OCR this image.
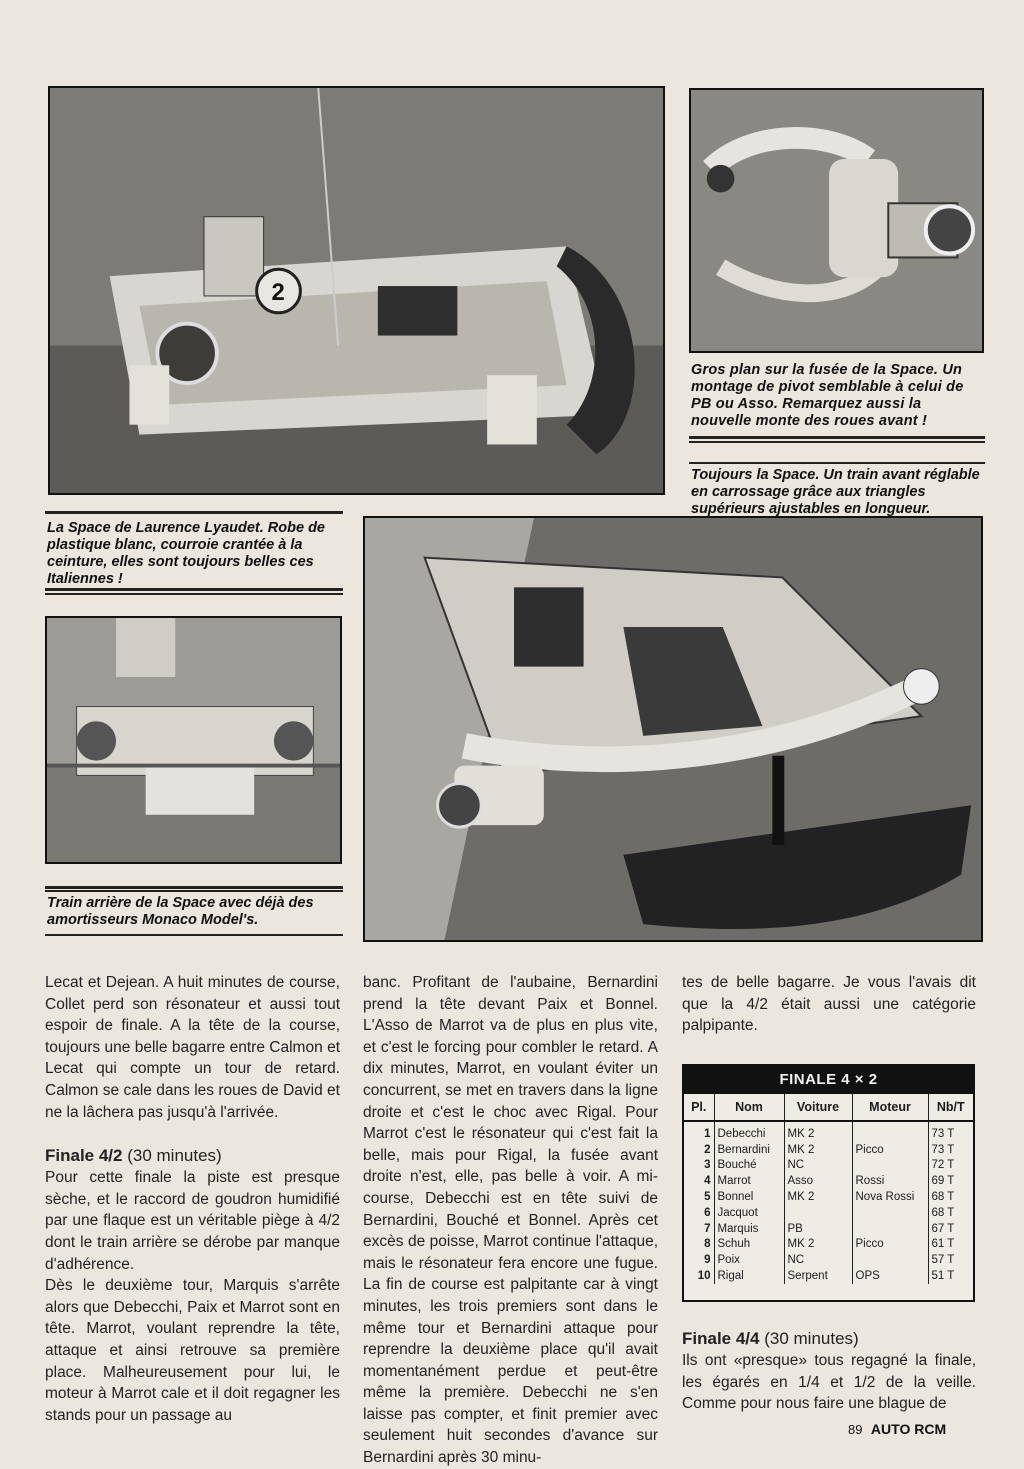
2
Gros plan sur la fusée de la Space. Un montage de pivot semblable à celui de PB ou Asso. Remarquez aussi la nouvelle monte des roues avant !
Toujours la Space. Un train avant réglable en carrossage grâce aux triangles supérieurs ajustables en longueur.
La Space de Laurence Lyaudet. Robe de plastique blanc, courroie crantée à la ceinture, elles sont toujours belles ces Italiennes !
Train arrière de la Space avec déjà des amortisseurs Monaco Model's.

Lecat et Dejean. A huit minutes de course, Collet perd son résonateur et aussi tout espoir de finale. A la tête de la course, toujours une belle bagarre entre Calmon et Lecat qui compte un tour de retard. Calmon se cale dans les roues de David et ne la lâchera pas jusqu'à l'arrivée.

Finale 4/2 (30 minutes)

Pour cette finale la piste est presque sèche, et le raccord de goudron humidifié par une flaque est un véritable piège à 4/2 dont le train arrière se dérobe par manque d'adhérence.

Dès le deuxième tour, Marquis s'arrête alors que Debecchi, Paix et Marrot sont en tête. Marrot, voulant reprendre la tête, attaque et ainsi retrouve sa première place. Malheureusement pour lui, le moteur à Marrot cale et il doit regagner les stands pour un passage au

banc. Profitant de l'aubaine, Bernardini prend la tête devant Paix et Bonnel. L'Asso de Marrot va de plus en plus vite, et c'est le forcing pour combler le retard. A dix minutes, Marrot, en voulant éviter un concurrent, se met en travers dans la ligne droite et c'est le choc avec Rigal. Pour Marrot c'est le résonateur qui c'est fait la belle, mais pour Rigal, la fusée avant droite n'est, elle, pas belle à voir. A mi-course, Debecchi est en tête suivi de Bernardini, Bouché et Bonnel. Après cet excès de poisse, Marrot continue l'attaque, mais le résonateur fera encore une fugue. La fin de course est palpitante car à vingt minutes, les trois premiers sont dans le même tour et Bernardini attaque pour reprendre la deuxième place qu'il avait momentanément perdue et peut-être même la première. Debecchi ne s'en laisse pas compter, et finit premier avec seulement huit secondes d'avance sur Bernardini après 30 minu-

tes de belle bagarre. Je vous l'avais dit que la 4/2 était aussi une catégorie palpipante.

Finale 4/4 (30 minutes)

Ils ont «presque» tous regagné la finale, les égarés en 1/4 et 1/2 de la veille. Comme pour nous faire une blague de

FINALE 4 × 2
Pl.	Nom	Voiture	Moteur	Nb/T
1	Debecchi	MK 2		73 T
2	Bernardini	MK 2	Picco	73 T
3	Bouché	NC		72 T
4	Marrot	Asso	Rossi	69 T
5	Bonnel	MK 2	Nova Rossi	68 T
6	Jacquot			68 T
7	Marquis	PB		67 T
8	Schuh	MK 2	Picco	61 T
9	Poix	NC		57 T
10	Rigal	Serpent	OPS	51 T
89 AUTO RCM
